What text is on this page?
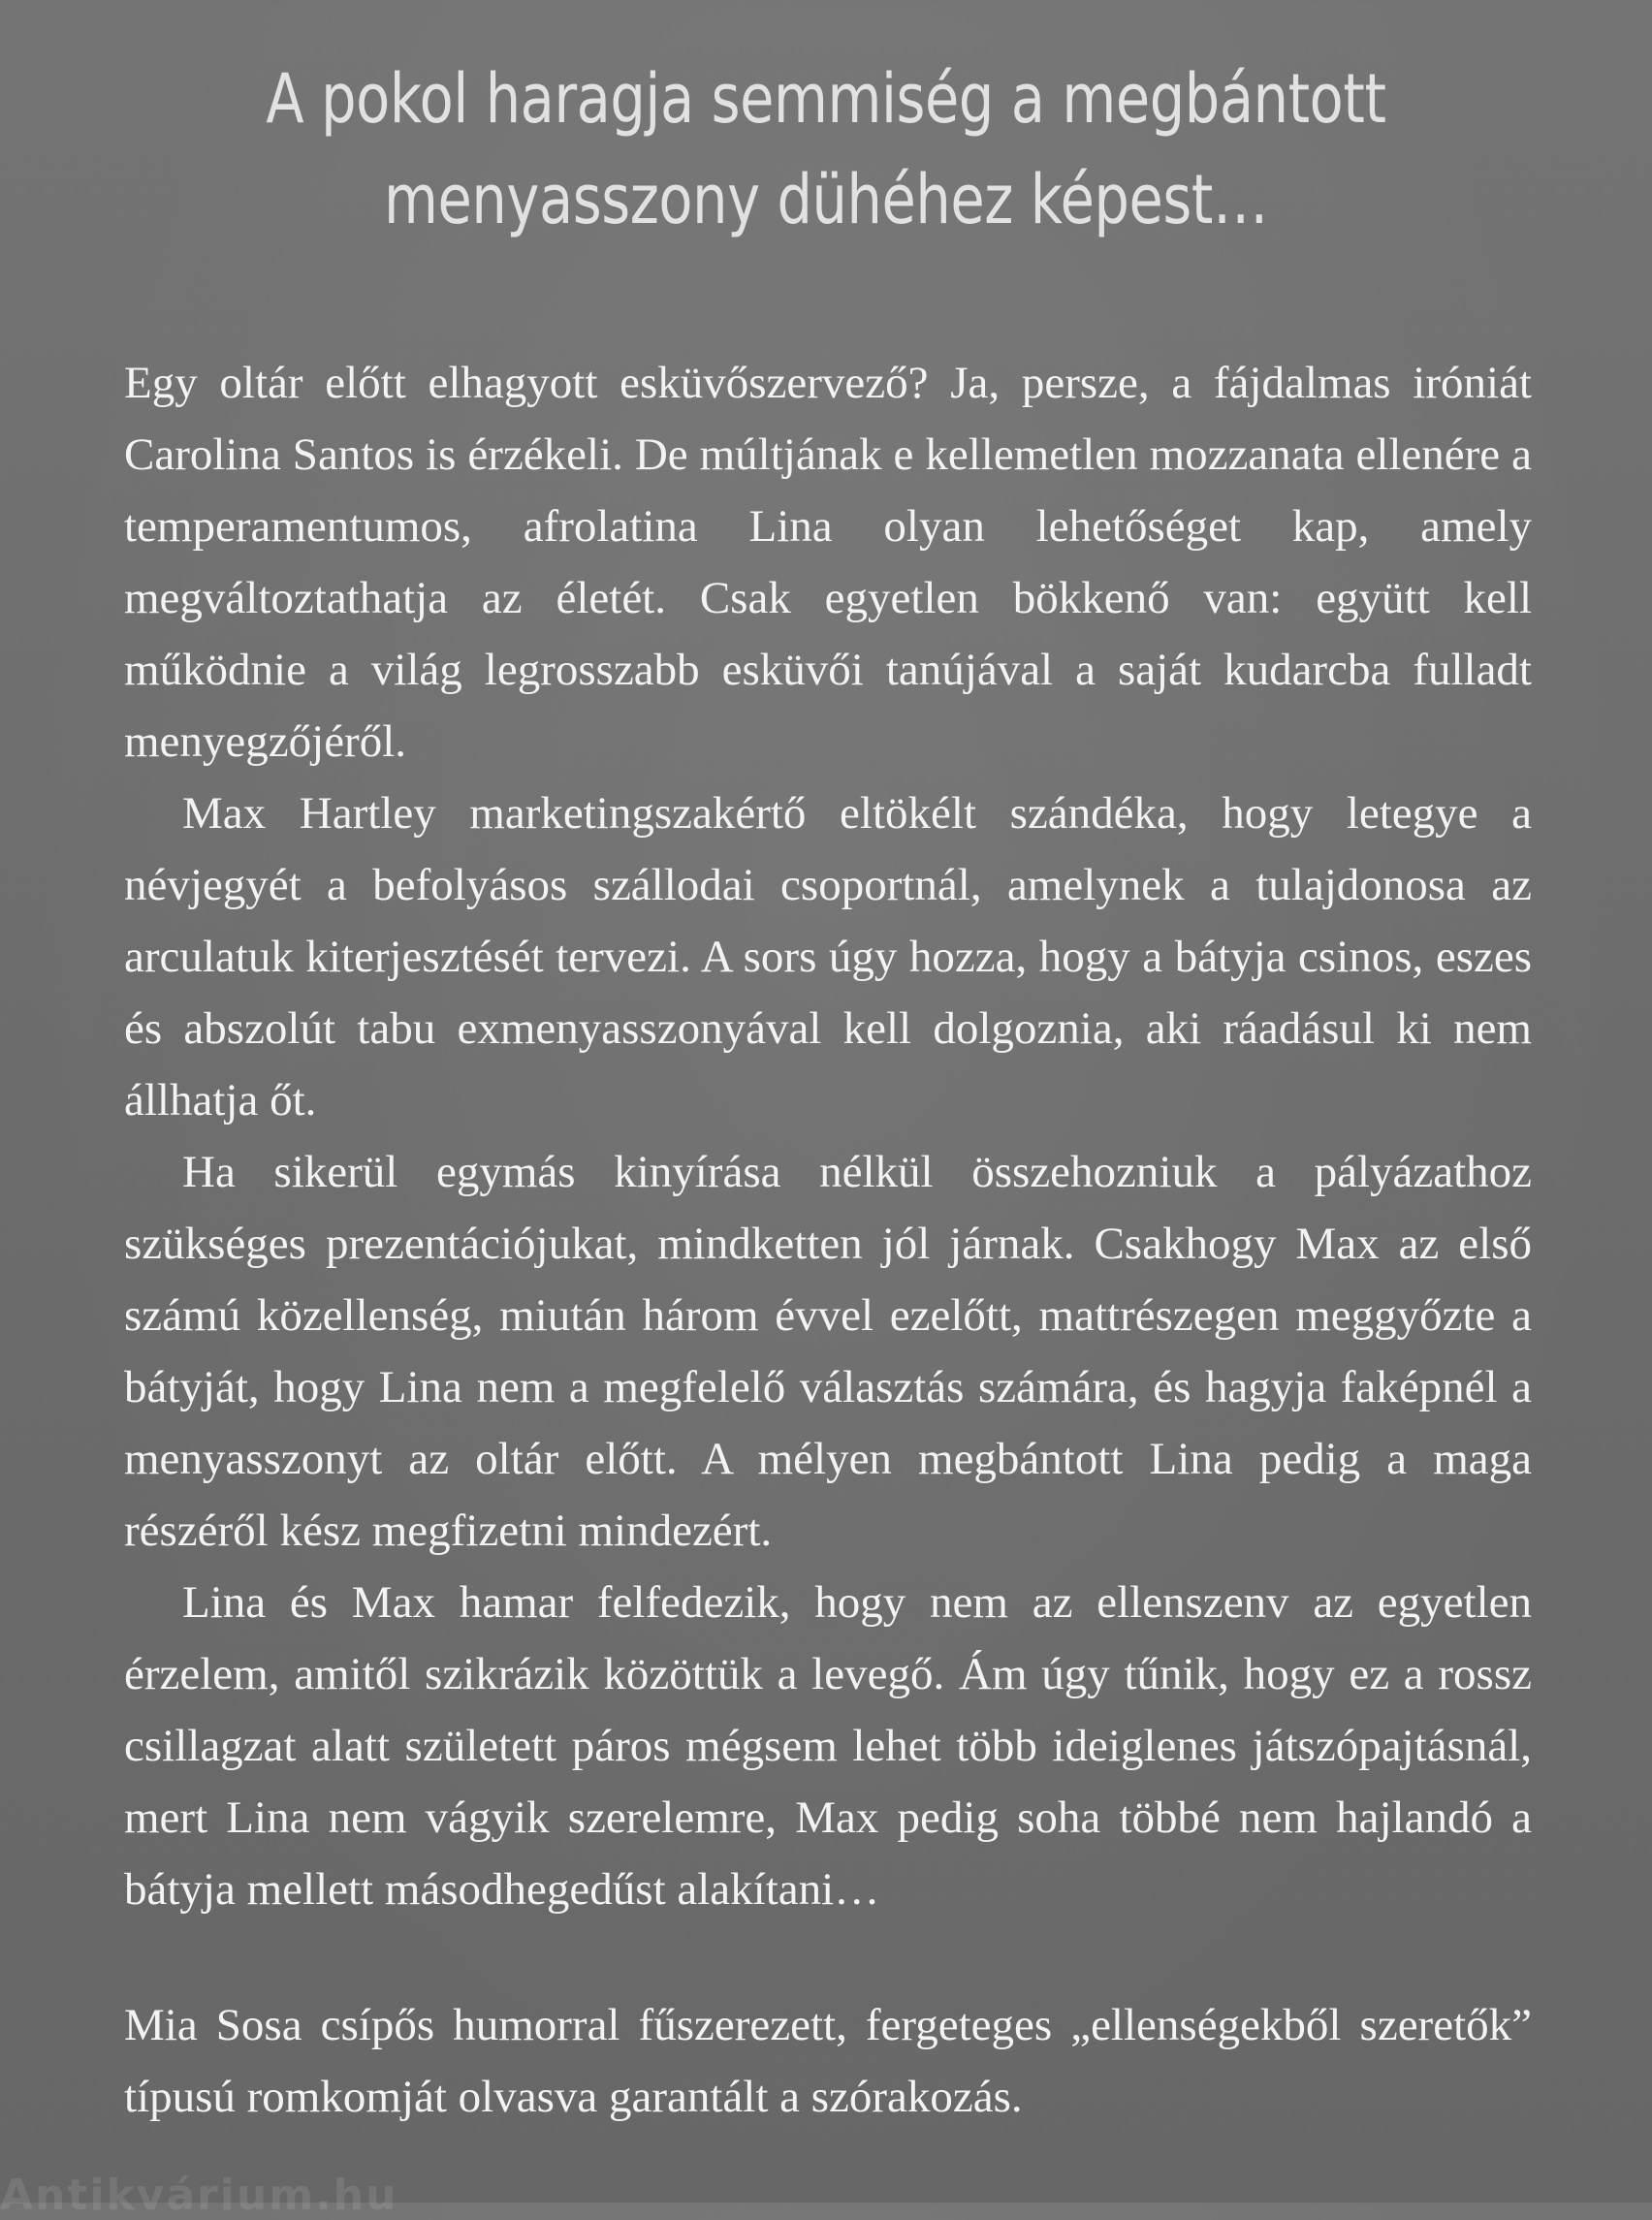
A pokol haragja semmiség a megbántott
menyasszony dühéhez képest…

Egy oltár előtt elhagyott esküvőszervező? Ja, persze, a fájdalmas iróniát Carolina Santos is érzékeli. De múltjának e kellemetlen mozzanata ellenére a temperamentumos, afrolatina Lina olyan lehetőséget kap, amely megváltoztathatja az életét. Csak egyetlen bökkenő van: együtt kell működnie a világ legrosszabb esküvői tanújával a saját kudarcba fulladt menyegzőjéről.

Max Hartley marketingszakértő eltökélt szándéka, hogy letegye a névjegyét a befolyásos szállodai csoportnál, amelynek a tulajdonosa az arculatuk kiterjesztését tervezi. A sors úgy hozza, hogy a bátyja csinos, eszes és abszolút tabu exmenyasszonyával kell dolgoznia, aki ráadásul ki nem állhatja őt.

Ha sikerül egymás kinyírása nélkül összehozniuk a pályázathoz szükséges prezentációjukat, mindketten jól járnak. Csakhogy Max az első számú közellenség, miután három évvel ezelőtt, mattrészegen meggyőzte a bátyját, hogy Lina nem a megfelelő választás számára, és hagyja faképnél a menyasszonyt az oltár előtt. A mélyen megbántott Lina pedig a maga részéről kész megfizetni mindezért.

Lina és Max hamar felfedezik, hogy nem az ellenszenv az egyetlen érzelem, amitől szikrázik közöttük a levegő. Ám úgy tűnik, hogy ez a rossz csillagzat alatt született páros mégsem lehet több ideiglenes játszópajtásnál, mert Lina nem vágyik szerelemre, Max pedig soha többé nem hajlandó a bátyja mellett másodhegedűst alakítani…

Mia Sosa csípős humorral fűszerezett, fergeteges „ellenségekből szeretők” típusú romkomját olvasva garantált a szórakozás.

Antikvárium.hu
